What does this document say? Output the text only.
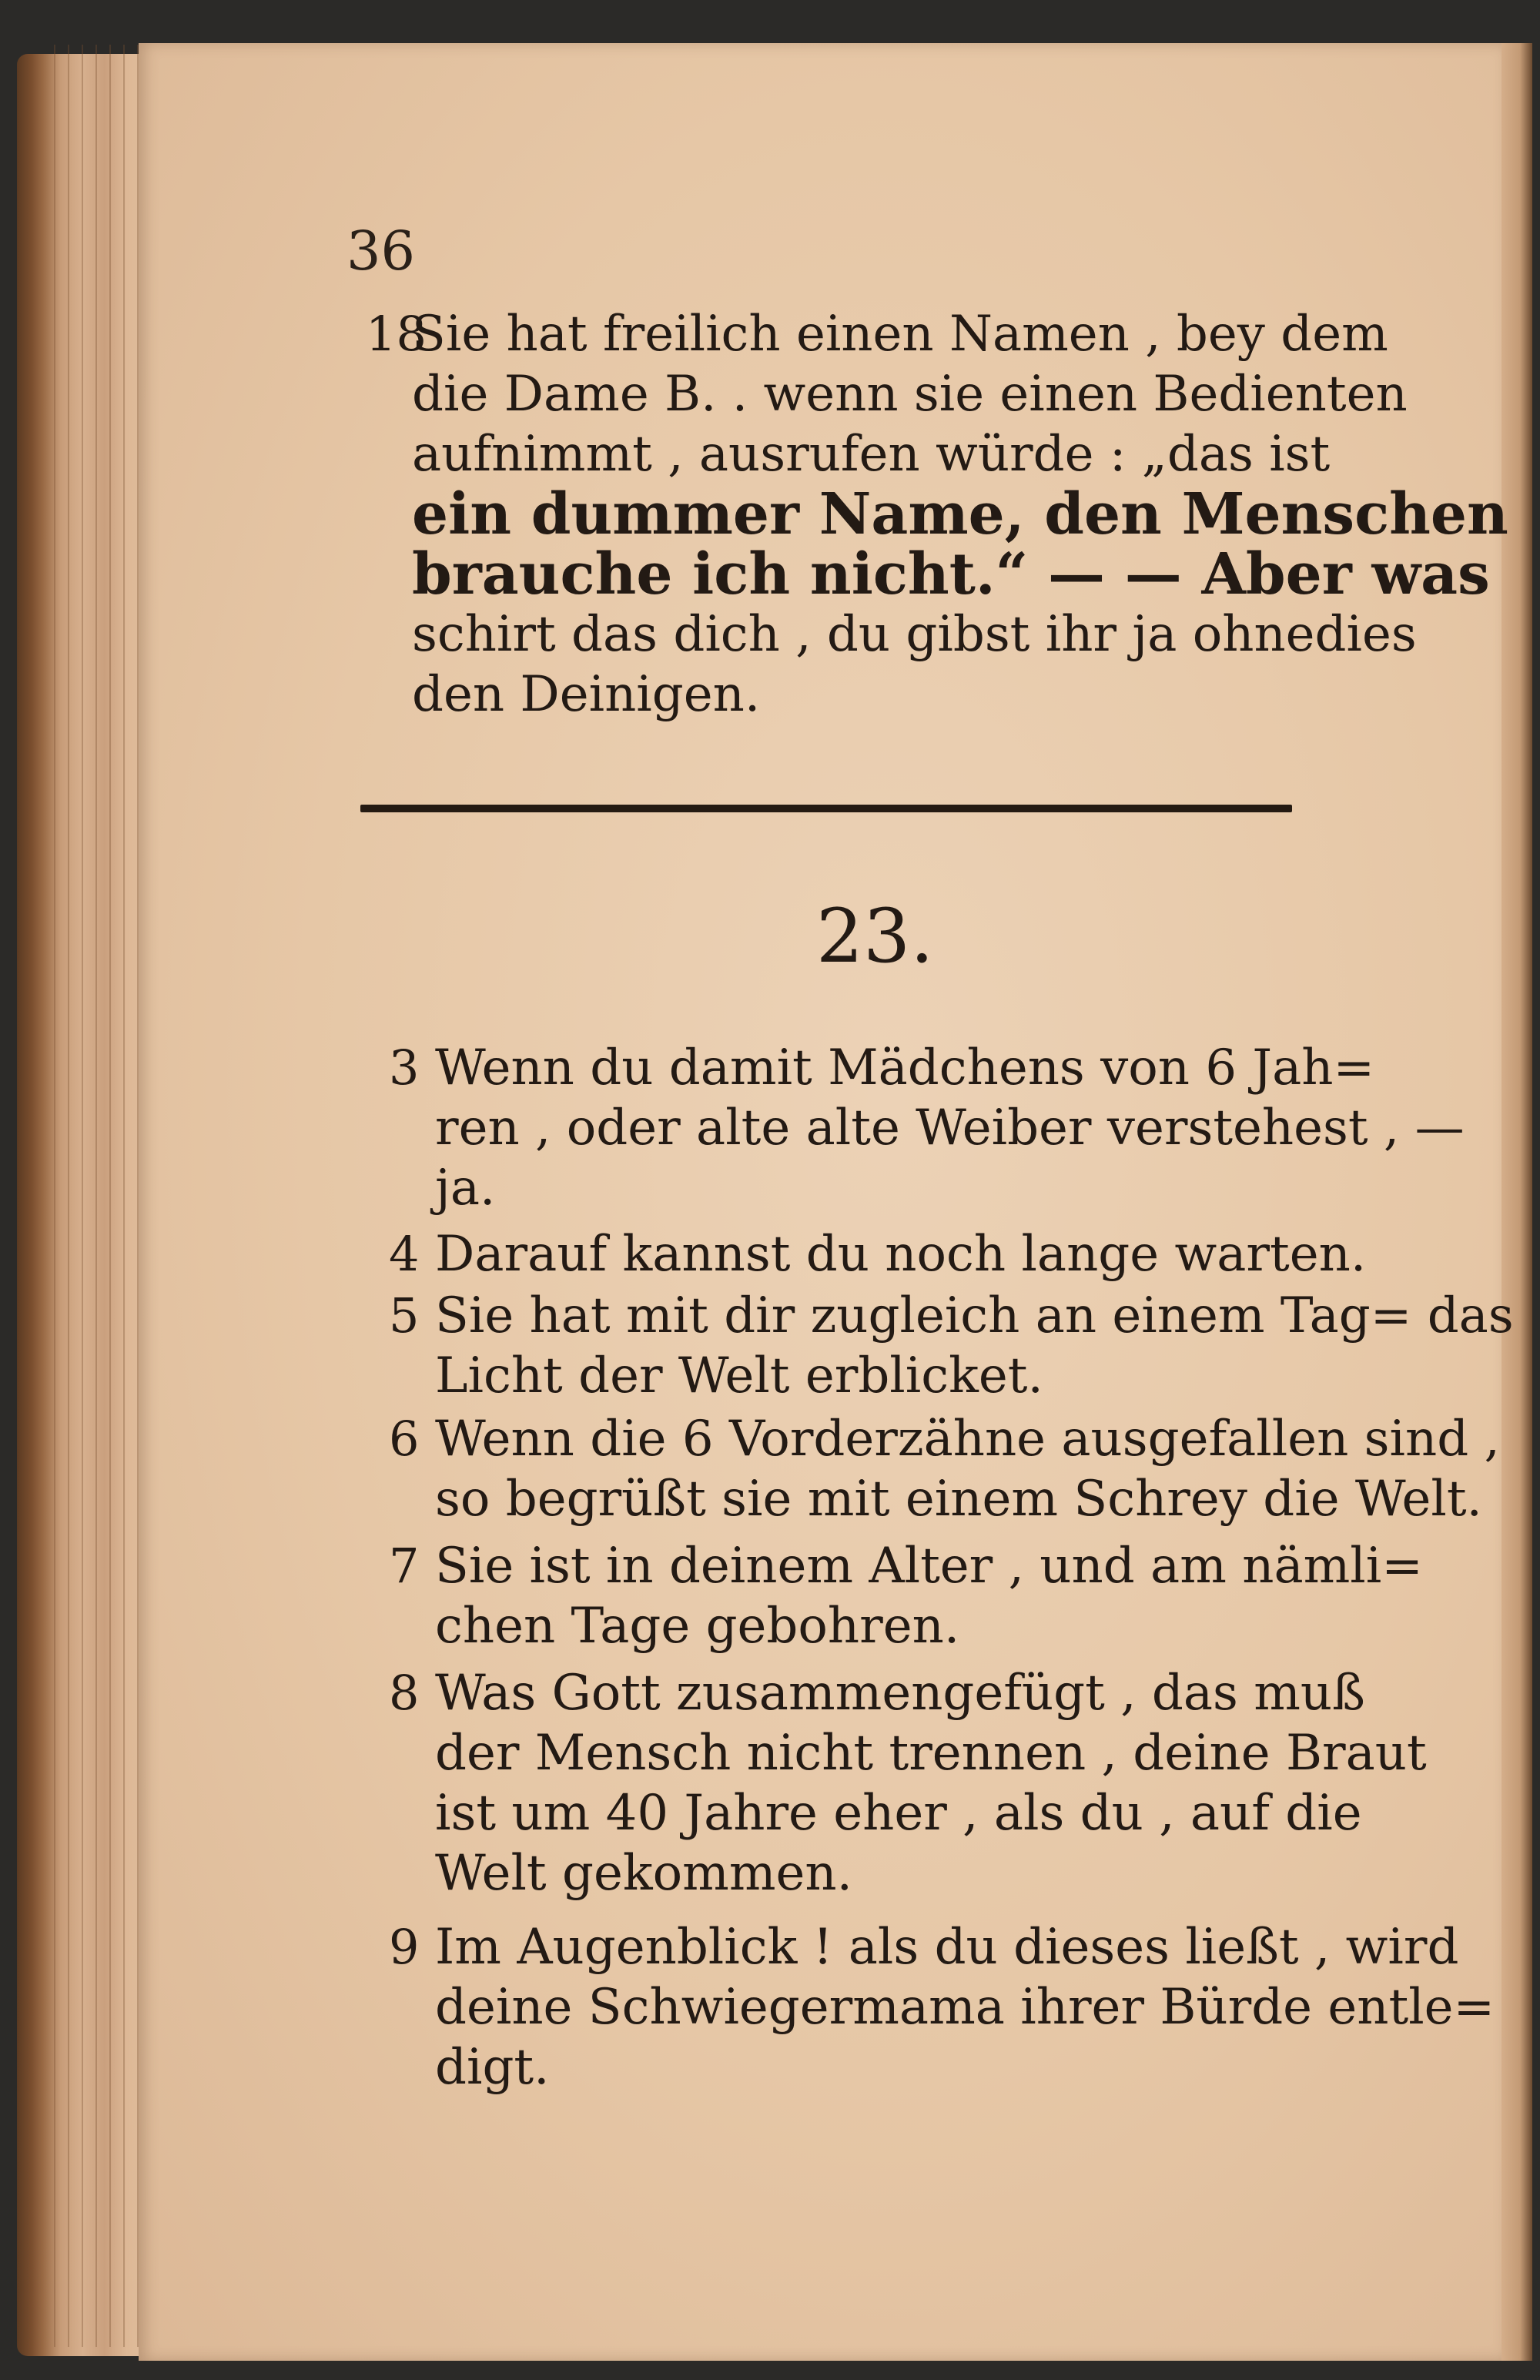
36
18
Sie hat freilich einen Namen , bey dem
die Dame B. . wenn sie einen Bedienten
aufnimmt , ausrufen würde : „das ist
ein dummer Name, den Menschen
brauche ich nicht.“ — — Aber was
schirt das dich , du gibst ihr ja ohnedies
den Deinigen.
23.
3 Wenn du damit Mädchens von 6 Jah=
ren , oder alte alte Weiber verstehest , —
ja.
4 Darauf kannst du noch lange warten.
5 Sie hat mit dir zugleich an einem Tag= das
Licht der Welt erblicket.
6 Wenn die 6 Vorderzähne ausgefallen sind ,
so begrüßt sie mit einem Schrey die Welt.
7 Sie ist in deinem Alter , und am nämli=
chen Tage gebohren.
8 Was Gott zusammengefügt , das muß
der Mensch nicht trennen , deine Braut
ist um 40 Jahre eher , als du , auf die
Welt gekommen.
9 Im Augenblick ! als du dieses ließt , wird
deine Schwiegermama ihrer Bürde entle=
digt.
